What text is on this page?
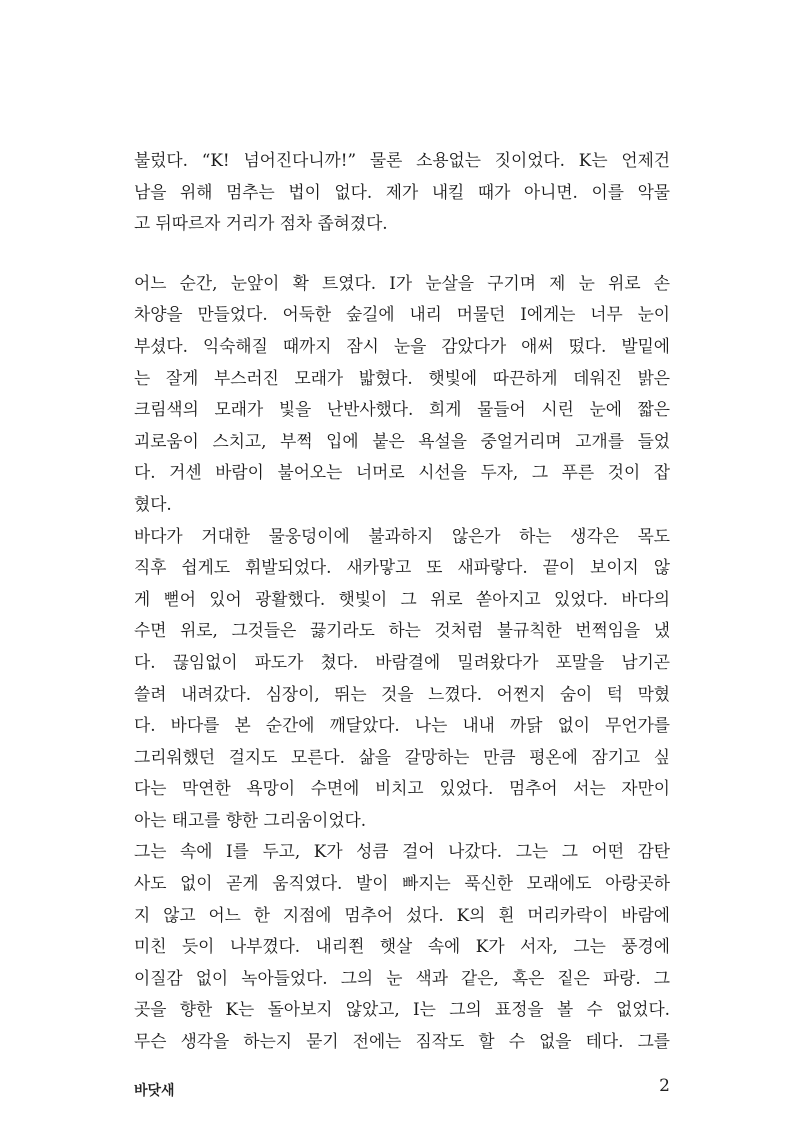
불렀다. “K! 넘어진다니까!” 물론 소용없는 짓이었다. K는 언제건
남을 위해 멈추는 법이 없다. 제가 내킬 때가 아니면. 이를 악물
고 뒤따르자 거리가 점차 좁혀졌다.
어느 순간, 눈앞이 확 트였다. I가 눈살을 구기며 제 눈 위로 손
차양을 만들었다. 어둑한 숲길에 내리 머물던 I에게는 너무 눈이
부셨다. 익숙해질 때까지 잠시 눈을 감았다가 애써 떴다. 발밑에
는 잘게 부스러진 모래가 밟혔다. 햇빛에 따끈하게 데워진 밝은
크림색의 모래가 빛을 난반사했다. 희게 물들어 시린 눈에 짧은
괴로움이 스치고, 부쩍 입에 붙은 욕설을 중얼거리며 고개를 들었
다. 거센 바람이 불어오는 너머로 시선을 두자, 그 푸른 것이 잡
혔다.
바다가 거대한 물웅덩이에 불과하지 않은가 하는 생각은 목도
직후 쉽게도 휘발되었다. 새카맣고 또 새파랗다. 끝이 보이지 않
게 뻗어 있어 광활했다. 햇빛이 그 위로 쏟아지고 있었다. 바다의
수면 위로, 그것들은 끓기라도 하는 것처럼 불규칙한 번쩍임을 냈
다. 끊임없이 파도가 쳤다. 바람결에 밀려왔다가 포말을 남기곤
쓸려 내려갔다. 심장이, 뛰는 것을 느꼈다. 어쩐지 숨이 턱 막혔
다. 바다를 본 순간에 깨달았다. 나는 내내 까닭 없이 무언가를
그리워했던 걸지도 모른다. 삶을 갈망하는 만큼 평온에 잠기고 싶
다는 막연한 욕망이 수면에 비치고 있었다. 멈추어 서는 자만이
아는 태고를 향한 그리움이었다.
그는 속에 I를 두고, K가 성큼 걸어 나갔다. 그는 그 어떤 감탄
사도 없이 곧게 움직였다. 발이 빠지는 푹신한 모래에도 아랑곳하
지 않고 어느 한 지점에 멈추어 섰다. K의 흰 머리카락이 바람에
미친 듯이 나부꼈다. 내리쬔 햇살 속에 K가 서자, 그는 풍경에
이질감 없이 녹아들었다. 그의 눈 색과 같은, 혹은 짙은 파랑. 그
곳을 향한 K는 돌아보지 않았고, I는 그의 표정을 볼 수 없었다.
무슨 생각을 하는지 묻기 전에는 짐작도 할 수 없을 테다. 그를
바닷새	2
